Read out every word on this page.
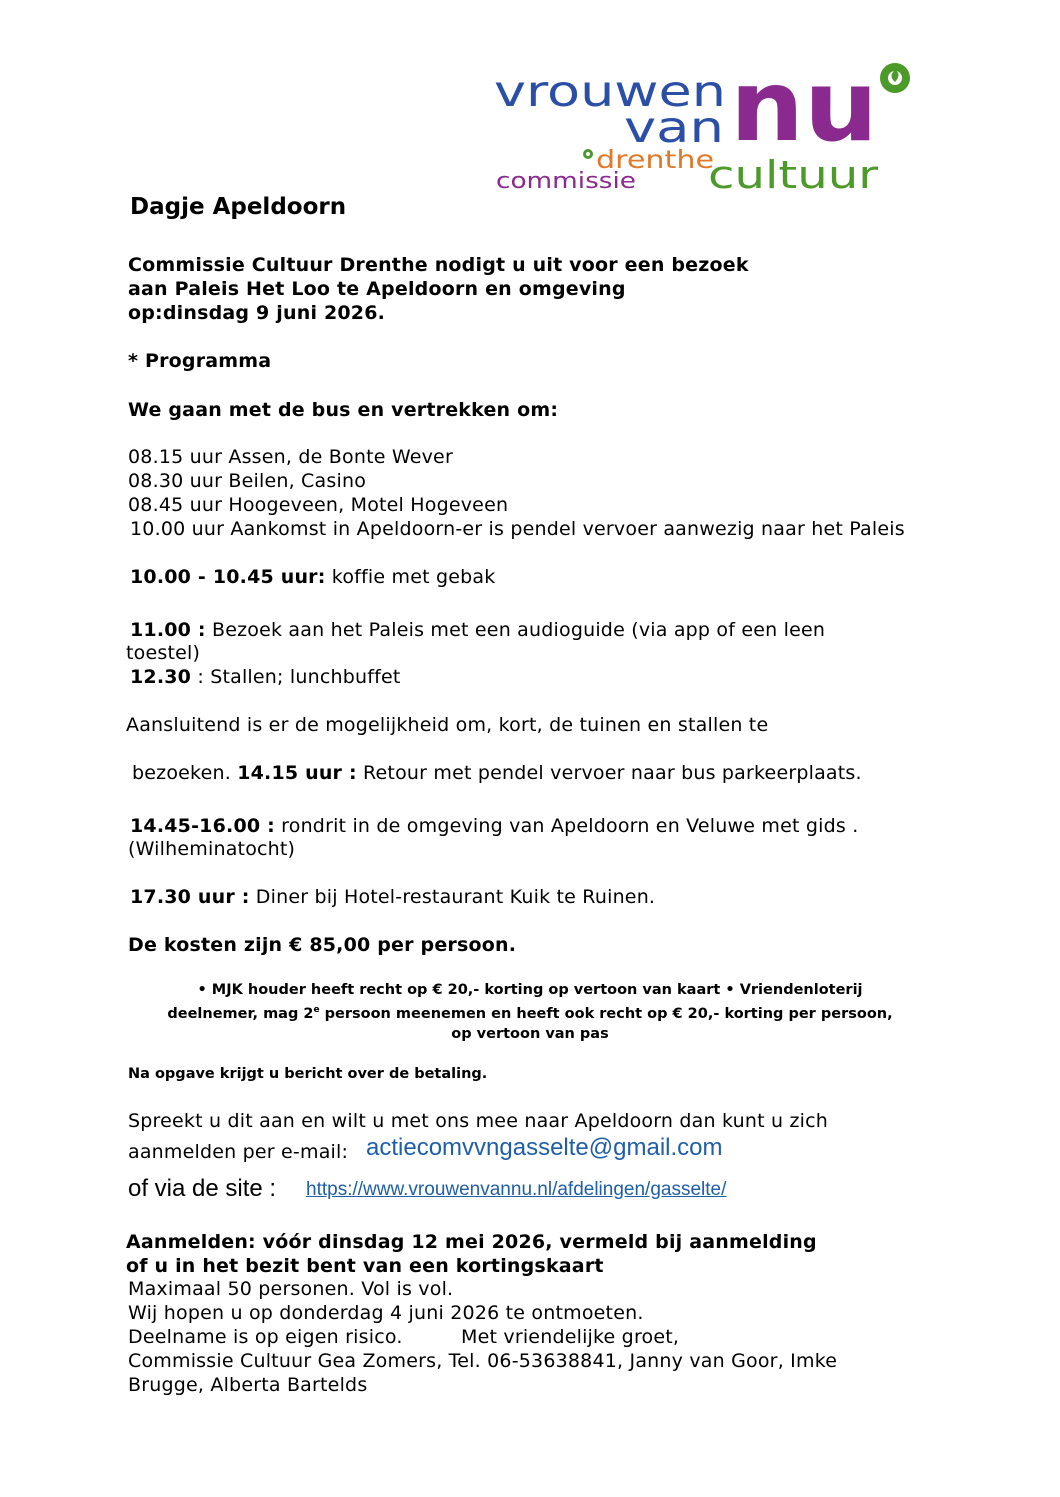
vrouwen
van nu
drenthe
commissie cultuur
Dagje Apeldoorn
Commissie Cultuur Drenthe nodigt u uit voor een bezoek
aan Paleis Het Loo te Apeldoorn en omgeving
op:dinsdag 9 juni 2026.
* Programma
We gaan met de bus en vertrekken om:
08.15 uur Assen, de Bonte Wever
08.30 uur Beilen, Casino
08.45 uur Hoogeveen, Motel Hogeveen
10.00 uur Aankomst in Apeldoorn-er is pendel vervoer aanwezig naar het Paleis
10.00 - 10.45 uur: koffie met gebak
11.00 : Bezoek aan het Paleis met een audioguide (via app of een leen
toestel)
12.30 : Stallen; lunchbuffet
Aansluitend is er de mogelijkheid om, kort, de tuinen en stallen te
bezoeken. 14.15 uur : Retour met pendel vervoer naar bus parkeerplaats.
14.45-16.00 : rondrit in de omgeving van Apeldoorn en Veluwe met gids .
(Wilheminatocht)
17.30 uur : Diner bij Hotel-restaurant Kuik te Ruinen.
De kosten zijn € 85,00 per persoon.
• MJK houder heeft recht op € 20,- korting op vertoon van kaart • Vriendenloterij deelnemer, mag 2e persoon meenemen en heeft ook recht op € 20,- korting per persoon, op vertoon van pas
Na opgave krijgt u bericht over de betaling.
Spreekt u dit aan en wilt u met ons mee naar Apeldoorn dan kunt u zich
aanmelden per e-mail: actiecomvvngasselte@gmail.com
of via de site : https://www.vrouwenvannu.nl/afdelingen/gasselte/
Aanmelden: vóór dinsdag 12 mei 2026, vermeld bij aanmelding
of u in het bezit bent van een kortingskaart
Maximaal 50 personen. Vol is vol.
Wij hopen u op donderdag 4 juni 2026 te ontmoeten.
Deelname is op eigen risico.	Met vriendelijke groet,
Commissie Cultuur Gea Zomers, Tel. 06-53638841, Janny van Goor, Imke
Brugge, Alberta Bartelds
